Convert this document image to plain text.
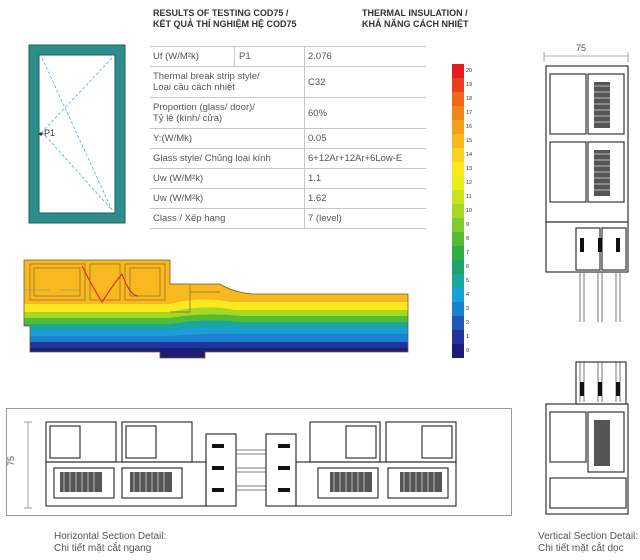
P1
RESULTS OF TESTING COD75 /
KẾT QUẢ THÍ NGHIỆM HỆ COD75
THERMAL INSULATION /
KHẢ NĂNG CÁCH NHIỆT
Uf (W/M²k) P1	2.076

Thermal break strip style/
Loại cầu cách nhiệt	C32

Proportion (glass/ door)/
Tỷ lệ (kính/ cửa)	60%
Y:(W/Mk)	0.05
Glass style/ Chủng loại kính	6+12Ar+12Ar+6Low-E
Uw (W/M²k)	1.1
Uw (W/M²k)	1.62
Class / Xếp hạng	7 (level)
20
19
18
17
16
15
14
13
12
11
10
9
8
7
6
5
4
3
2
1
0
75
75
Horizontal Section Detail:
Chi tiết mặt cắt ngang
Vertical Section Detail:
Chi tiết mặt cắt dọc
